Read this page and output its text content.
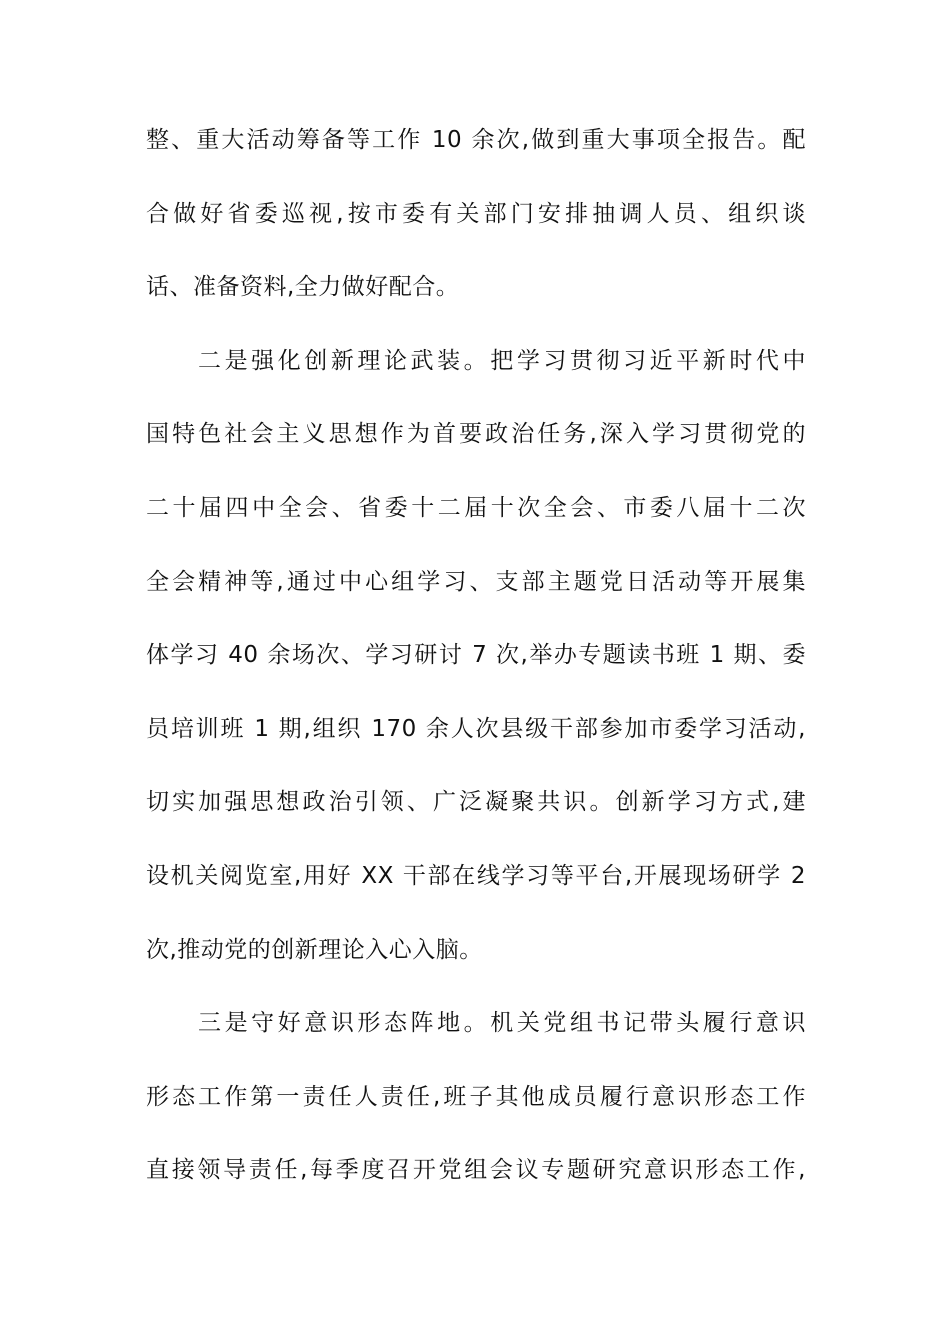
整、重大活动筹备等工作 10 余次,做到重大事项全报告。配
合做好省委巡视,按市委有关部门安排抽调人员、组织谈
话、准备资料,全力做好配合。
二是强化创新理论武装。把学习贯彻习近平新时代中
国特色社会主义思想作为首要政治任务,深入学习贯彻党的
二十届四中全会、省委十二届十次全会、市委八届十二次
全会精神等,通过中心组学习、支部主题党日活动等开展集
体学习 40 余场次、学习研讨 7 次,举办专题读书班 1 期、委
员培训班 1 期,组织 170 余人次县级干部参加市委学习活动,
切实加强思想政治引领、广泛凝聚共识。创新学习方式,建
设机关阅览室,用好 XX 干部在线学习等平台,开展现场研学 2
次,推动党的创新理论入心入脑。
三是守好意识形态阵地。机关党组书记带头履行意识
形态工作第一责任人责任,班子其他成员履行意识形态工作
直接领导责任,每季度召开党组会议专题研究意识形态工作,
